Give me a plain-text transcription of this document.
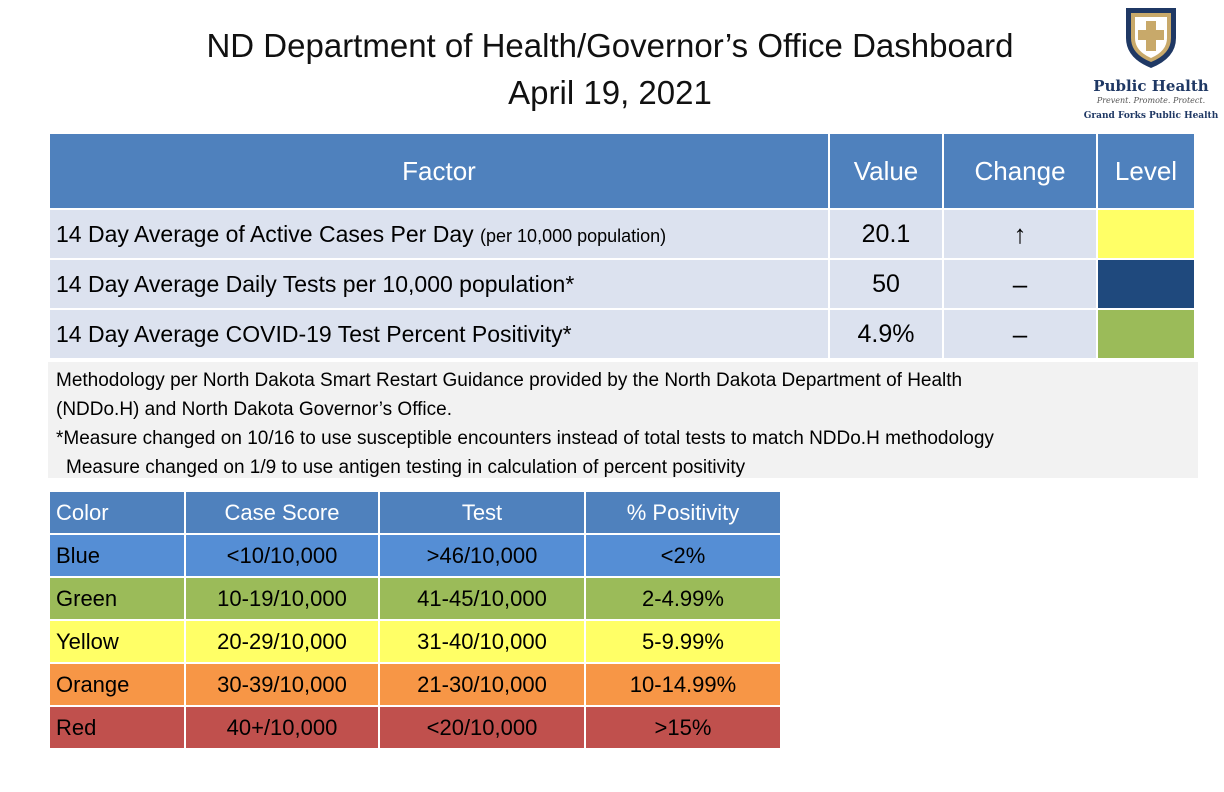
ND Department of Health/Governor’s Office Dashboard
April 19, 2021	Public Health
Prevent. Promote. Protect.
Grand Forks Public Health
Factor	Value	Change	Level
14 Day Average of Active Cases Per Day (per 10,000 population)	20.1	↑	

14 Day Average Daily Tests per 10,000 population*	50	–	

14 Day Average COVID-19 Test Percent Positivity*	4.9%	–	
Methodology per North Dakota Smart Restart Guidance provided by the North Dakota Department of Health
(NDDo.H) and North Dakota Governor’s Office.
*Measure changed on 10/16 to use susceptible encounters instead of total tests to match NDDo.H methodology
Measure changed on 1/9 to use antigen testing in calculation of percent positivity
Color	Case Score	Test	% Positivity
Blue	<10/10,000	>46/10,000	<2%
Green	10-19/10,000	41-45/10,000	2-4.99%
Yellow	20-29/10,000	31-40/10,000	5-9.99%
Orange	30-39/10,000	21-30/10,000	10-14.99%
Red	40+/10,000	<20/10,000	>15%
